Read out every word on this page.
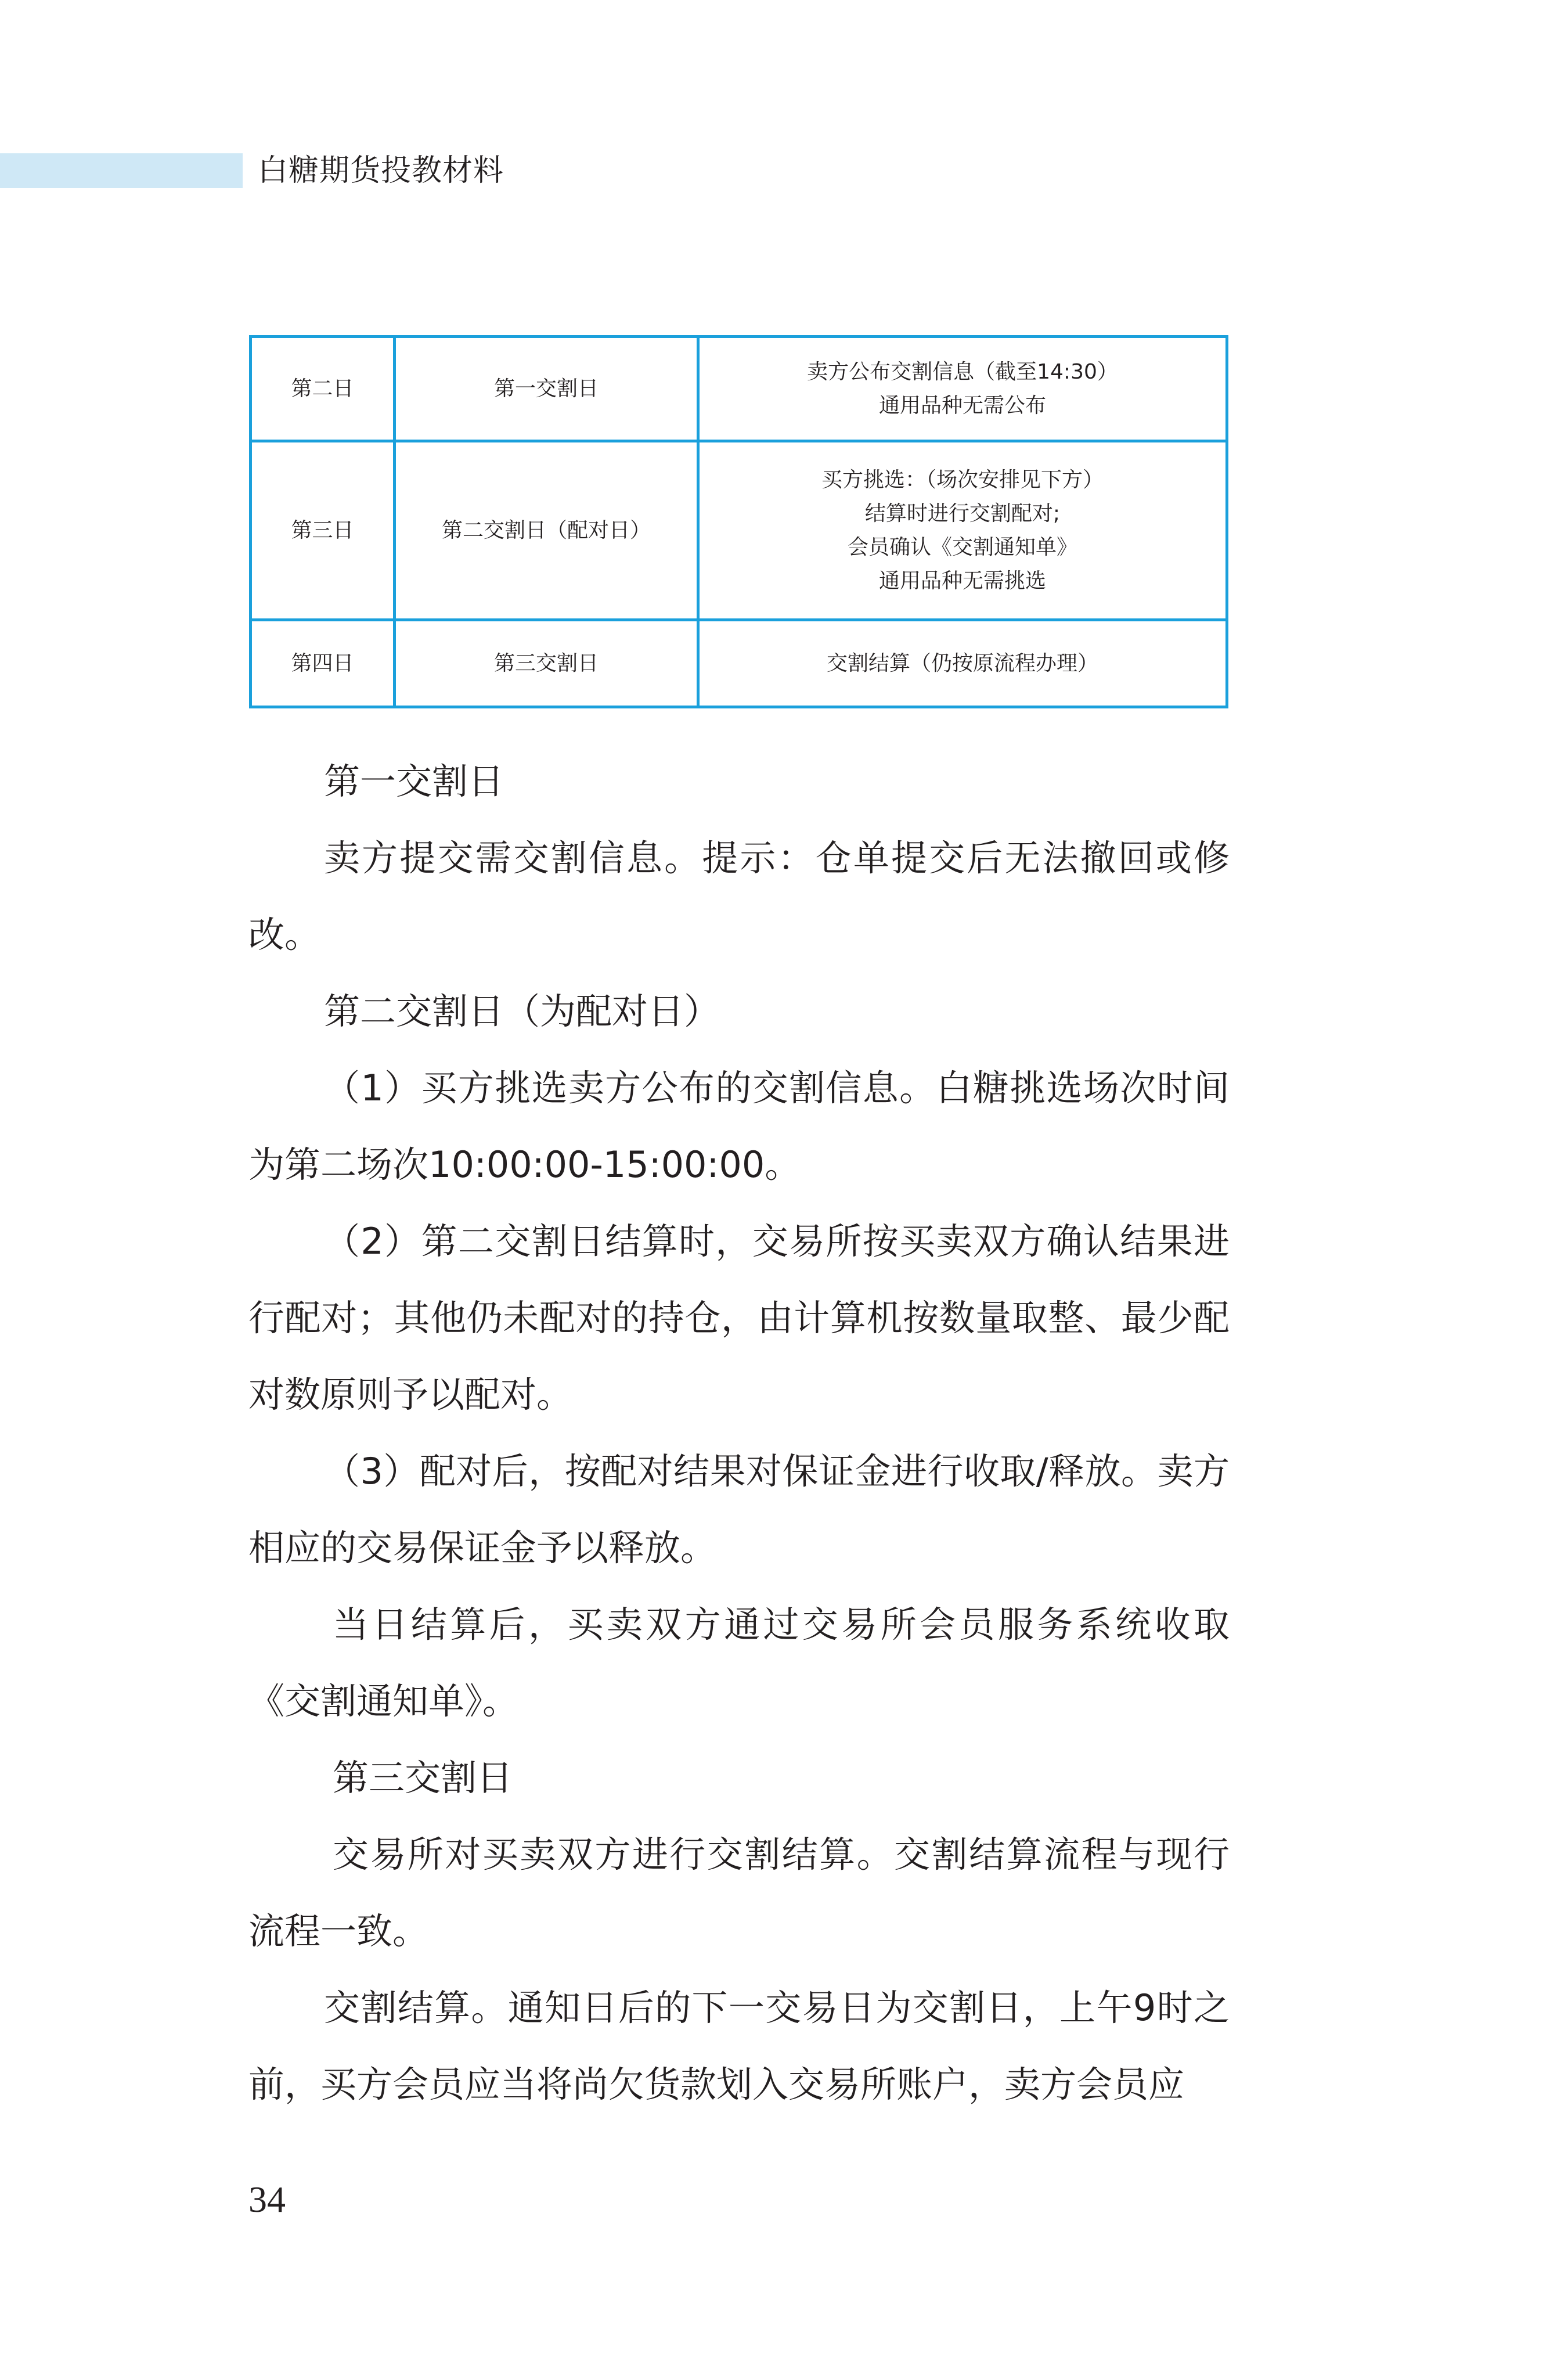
白糖期货投教材料
第二日	第一交割日	卖方公布交割信息（截至14:30）
通用品种无需公布

第三日	第二交割日（配对日）	买方挑选：（场次安排见下方）
结算时进行交割配对;
会员确认《交割通知单》
通用品种无需挑选

第四日	第三交割日	交割结算（仍按原流程办理）

第一交割日

卖方提交需交割信息。提示：仓单提交后无法撤回或修改。

第二交割日（为配对日）

（1）买方挑选卖方公布的交割信息。白糖挑选场次时间为第二场次10:00:00-15:00:00。

（2）第二交割日结算时，交易所按买卖双方确认结果进行配对；其他仍未配对的持仓，由计算机按数量取整、最少配对数原则予以配对。

（3）配对后，按配对结果对保证金进行收取/释放。卖方相应的交易保证金予以释放。

当日结算后，买卖双方通过交易所会员服务系统收取《交割通知单》。

第三交割日

交易所对买卖双方进行交割结算。交割结算流程与现行流程一致。

交割结算。通知日后的下一交易日为交割日，上午9时之前，买方会员应当将尚欠货款划入交易所账户，卖方会员应

34
